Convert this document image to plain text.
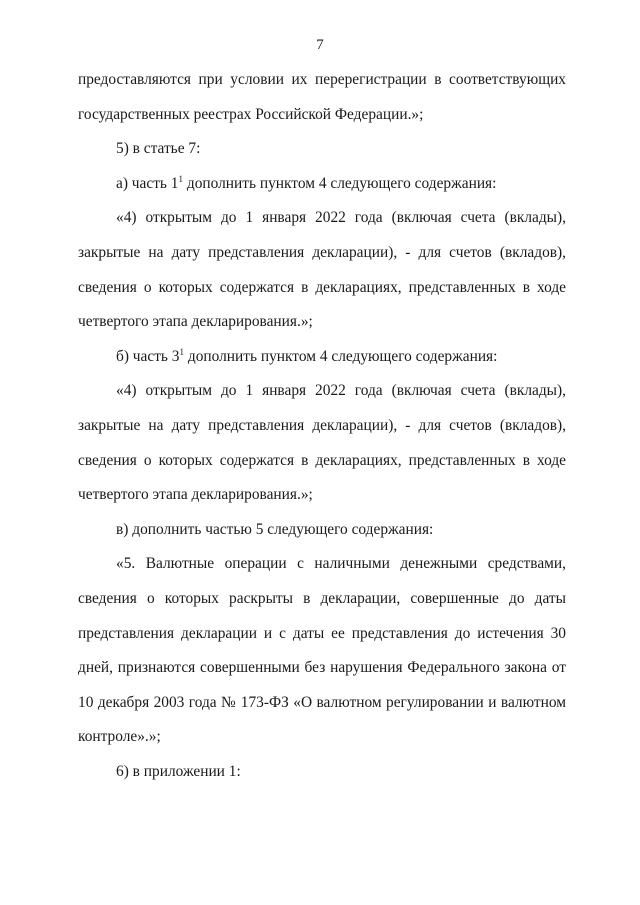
7
предоставляются при условии их перерегистрации в соответствующих
государственных реестрах Российской Федерации.»;
5) в статье 7:
а) часть $1^1$ дополнить пунктом 4 следующего содержания:
«4) открытым до 1 января 2022 года (включая счета (вклады),
закрытые на дату представления декларации), - для счетов (вкладов),
сведения о которых содержатся в декларациях, представленных в ходе
четвертого этапа декларирования.»;
б) часть $3^1$ дополнить пунктом 4 следующего содержания:
«4) открытым до 1 января 2022 года (включая счета (вклады),
закрытые на дату представления декларации), - для счетов (вкладов),
сведения о которых содержатся в декларациях, представленных в ходе
четвертого этапа декларирования.»;
в) дополнить частью 5 следующего содержания:
«5. Валютные операции с наличными денежными средствами,
сведения о которых раскрыты в декларации, совершенные до даты
представления декларации и с даты ее представления до истечения 30
дней, признаются совершенными без нарушения Федерального закона от
10 декабря 2003 года № 173-ФЗ «О валютном регулировании и валютном
контроле».»;
6) в приложении 1:
